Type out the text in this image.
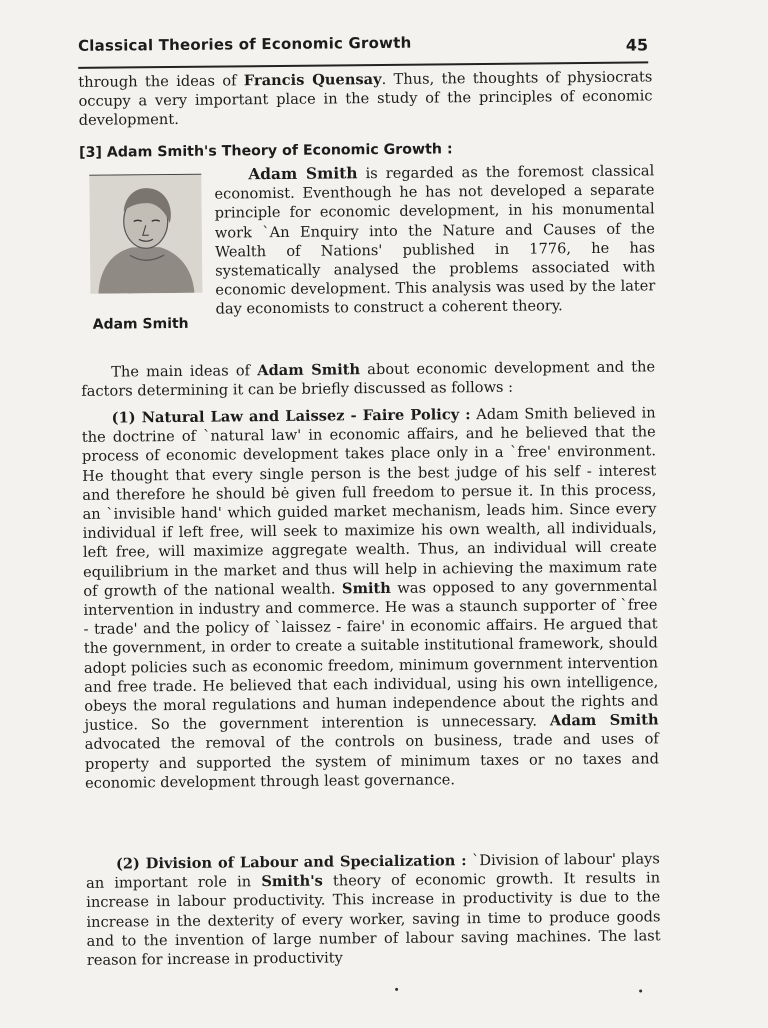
Classical Theories of Economic Growth	45

through the ideas of Francis Quensay. Thus, the thoughts of physiocrats occupy a very important place in the study of the principles of economic development.

[3] Adam Smith's Theory of Economic Growth :
Adam Smith

Adam Smith is regarded as the foremost classical economist. Eventhough he has not developed a separate principle for economic development, in his monumental work `An Enquiry into the Nature and Causes of the Wealth of Nations' published in 1776, he has systematically analysed the problems associated with economic development. This analysis was used by the later day economists to construct a coherent theory.

The main ideas of Adam Smith about economic development and the factors determining it can be briefly discussed as follows :

(1) Natural Law and Laissez - Faire Policy : Adam Smith believed in the doctrine of `natural law' in economic affairs, and he believed that the process of economic development takes place only in a `free' environment. He thought that every single person is the best judge of his self - interest and therefore he should bė given full freedom to persue it. In this process, an `invisible hand' which guided market mechanism, leads him. Since every individual if left free, will seek to maximize his own wealth, all individuals, left free, will maximize aggregate wealth. Thus, an individual will create equilibrium in the market and thus will help in achieving the maximum rate of growth of the national wealth. Smith was opposed to any governmental intervention in industry and commerce. He was a staunch supporter of `free - trade' and the policy of `laissez - faire' in economic affairs. He argued that the government, in order to create a suitable institutional framework, should adopt policies such as economic freedom, minimum government intervention and free trade. He believed that each individual, using his own intelligence, obeys the moral regulations and human independence about the rights and justice. So the government interention is unnecessary. Adam Smith advocated the removal of the controls on business, trade and uses of property and supported the system of minimum taxes or no taxes and economic development through least governance.

(2) Division of Labour and Specialization : `Division of labour' plays an important role in Smith's theory of economic growth. It results in increase in labour productivity. This increase in productivity is due to the increase in the dexterity of every worker, saving in time to produce goods and to the invention of large number of labour saving machines. The last reason for increase in productivity
